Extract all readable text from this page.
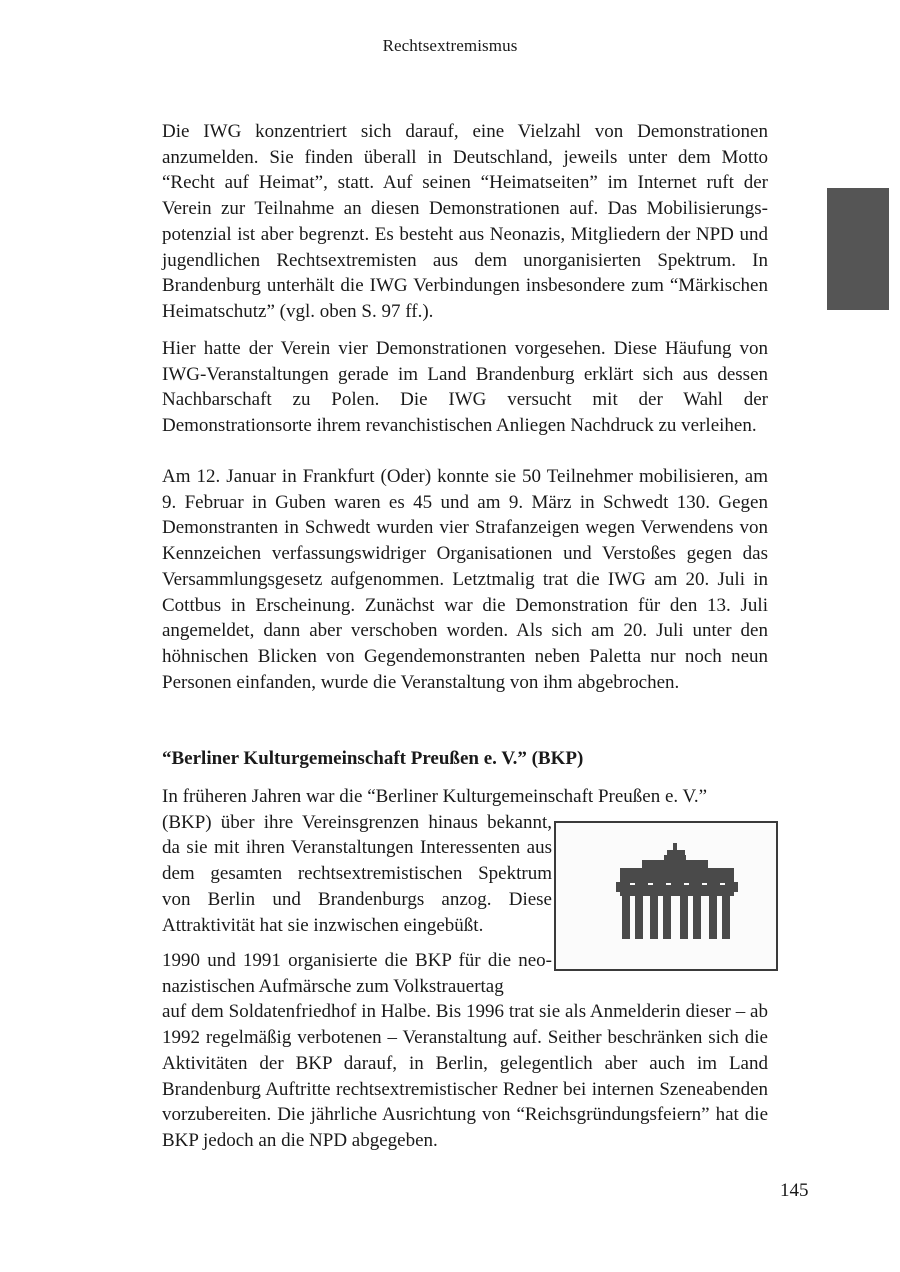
Rechtsextremismus

Die IWG konzentriert sich darauf, eine Vielzahl von Demonstrationen anzumelden. Sie finden überall in Deutschland, jeweils unter dem Motto “Recht auf Heimat”, statt. Auf seinen “Heimatseiten” im Internet ruft der Verein zur Teilnahme an diesen Demonstrationen auf. Das Mobilisierungspotenzial ist aber begrenzt. Es besteht aus Neonazis, Mitgliedern der NPD und jugendlichen Rechtsextremisten aus dem unorganisierten Spektrum. In Brandenburg unterhält die IWG Verbindungen insbesondere zum “Märkischen Heimatschutz” (vgl. oben S. 97 ff.).

Hier hatte der Verein vier Demonstrationen vorgesehen. Diese Häufung von IWG-Veranstaltungen gerade im Land Brandenburg erklärt sich aus dessen Nachbarschaft zu Polen. Die IWG versucht mit der Wahl der Demonstrationsorte ihrem revanchistischen Anliegen Nachdruck zu verleihen.

Am 12. Januar in Frankfurt (Oder) konnte sie 50 Teilnehmer mobilisieren, am 9. Februar in Guben waren es 45 und am 9. März in Schwedt 130. Gegen Demonstranten in Schwedt wurden vier Strafanzeigen wegen Verwendens von Kennzeichen verfassungswidriger Organisationen und Verstoßes gegen das Versammlungsgesetz aufgenommen. Letztmalig trat die IWG am 20. Juli in Cottbus in Erscheinung. Zunächst war die Demonstration für den 13. Juli angemeldet, dann aber verschoben worden. Als sich am 20. Juli unter den höhnischen Blicken von Gegendemonstranten neben Paletta nur noch neun Personen einfanden, wurde die Veranstaltung von ihm abgebrochen.

“Berliner Kulturgemeinschaft Preußen e. V.” (BKP)

In früheren Jahren war die “Berliner Kulturgemeinschaft Preußen e. V.”

(BKP) über ihre Vereinsgrenzen hinaus bekannt, da sie mit ihren Veranstaltungen Interessenten aus dem gesamten rechtsextremistischen Spektrum von Berlin und Brandenburgs anzog. Diese Attraktivität hat sie inzwischen eingebüßt.

1990 und 1991 organisierte die BKP für die neonazistischen Aufmärsche zum Volkstrauertag

auf dem Soldatenfriedhof in Halbe. Bis 1996 trat sie als Anmelderin dieser – ab 1992 regelmäßig verbotenen – Veranstaltung auf. Seither beschränken sich die Aktivitäten der BKP darauf, in Berlin, gelegentlich aber auch im Land Brandenburg Auftritte rechtsextremistischer Redner bei internen Szeneabenden vorzubereiten. Die jährliche Ausrichtung von “Reichsgründungsfeiern” hat die BKP jedoch an die NPD abgegeben.

145
